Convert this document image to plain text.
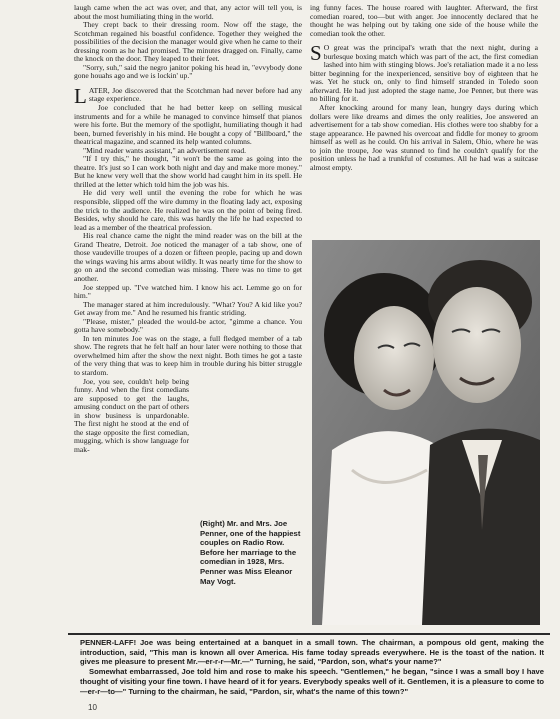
laugh came when the act was over, and that, any actor will tell you, is about the most humiliating thing in the world.

They crept back to their dressing room. Now off the stage, the Scotchman regained his boastful confidence. Together they weighed the possibilities of the decision the manager would give when he came to their dressing room as he had promised. The minutes dragged on. Finally, came the knock on the door. They leaped to their feet.

"Sorry, suh," said the negro janitor poking his head in, "evvybody done gone houahs ago and we is lockin' up."

LATER, Joe discovered that the Scotchman had never before had any stage experience.

Joe concluded that he had better keep on selling musical instruments and for a while he managed to convince himself that pianos were his forte. But the memory of the spotlight, humiliating though it had been, burned feverishly in his mind. He bought a copy of "Billboard," the theatrical magazine, and scanned its help wanted columns.

"Mind reader wants assistant," an advertisement read.

"If I try this," he thought, "it won't be the same as going into the theatre. It's just so I can work both night and day and make more money." But he knew very well that the show world had caught him in its spell. He thrilled at the letter which told him the job was his.

He did very well until the evening the robe for which he was responsible, slipped off the wire dummy in the floating lady act, exposing the trick to the audience. He realized he was on the point of being fired. Besides, why should he care, this was hardly the life he had expected to lead as a member of the theatrical profession.

His real chance came the night the mind reader was on the bill at the Grand Theatre, Detroit. Joe noticed the manager of a tab show, one of those vaudeville troupes of a dozen or fifteen people, pacing up and down the wings waving his arms about wildly. It was nearly time for the show to go on and the second comedian was missing. There was no time to get another.

Joe stepped up. "I've watched him. I know his act. Lemme go on for him."

The manager stared at him incredulously. "What? You? A kid like you? Get away from me." And he resumed his frantic striding.

"Please, mister," pleaded the would-be actor, "gimme a chance. You gotta have somebody."

In ten minutes Joe was on the stage, a full fledged member of a tab show. The regrets that he felt half an hour later were nothing to those that overwhelmed him after the show the next night. Both times he got a taste of the very thing that was to keep him in trouble during his bitter struggle to stardom.

Joe, you see, couldn't help being funny. And when the first comedians are supposed to get the laughs, amusing conduct on the part of others in show business is unpardonable. The first night he stood at the end of the stage opposite the first comedian, mugging, which is show language for mak-

(Right) Mr. and Mrs. Joe Penner, one of the happiest couples on Radio Row. Before her marriage to the comedian in 1928, Mrs. Penner was Miss Eleanor May Vogt.

ing funny faces. The house roared with laughter. Afterward, the first comedian roared, too—but with anger. Joe innocently declared that he thought he was helping out by taking one side of the house while the comedian took the other.

S O great was the principal's wrath that the next night, during a burlesque boxing match which was part of the act, the first comedian lashed into him with stinging blows. Joe's retaliation made it a no less bitter beginning for the inexperienced, sensitive boy of eighteen that he was. Yet he stuck on, only to find himself stranded in Toledo soon afterward. He had just adopted the stage name, Joe Penner, but there was no billing for it.

After knocking around for many lean, hungry days during which dollars were like dreams and dimes the only realities, Joe answered an advertisement for a tab show comedian. His clothes were too shabby for a stage appearance. He pawned his overcoat and fiddle for money to groom himself as well as he could. On his arrival in Salem, Ohio, where he was to join the troupe, Joe was stunned to find he couldn't qualify for the position unless he had a trunkful of costumes. All he had was a suitcase almost empty.

PENNER-LAFF! Joe was being entertained at a banquet in a small town. The chairman, a pompous old gent, making the introduction, said, "This man is known all over America. His fame today spreads everywhere. He is the toast of the nation. It gives me pleasure to present Mr.—er-r-r—Mr.—" Turning, he said, "Pardon, son, what's your name?"

Somewhat embarrassed, Joe told him and rose to make his speech. "Gentlemen," he began, "since I was a small boy I have thought of visiting your fine town. I have heard of it for years. Everybody speaks well of it. Gentlemen, it is a pleasure to come to—er-r—to—" Turning to the chairman, he said, "Pardon, sir, what's the name of this town?"

10
